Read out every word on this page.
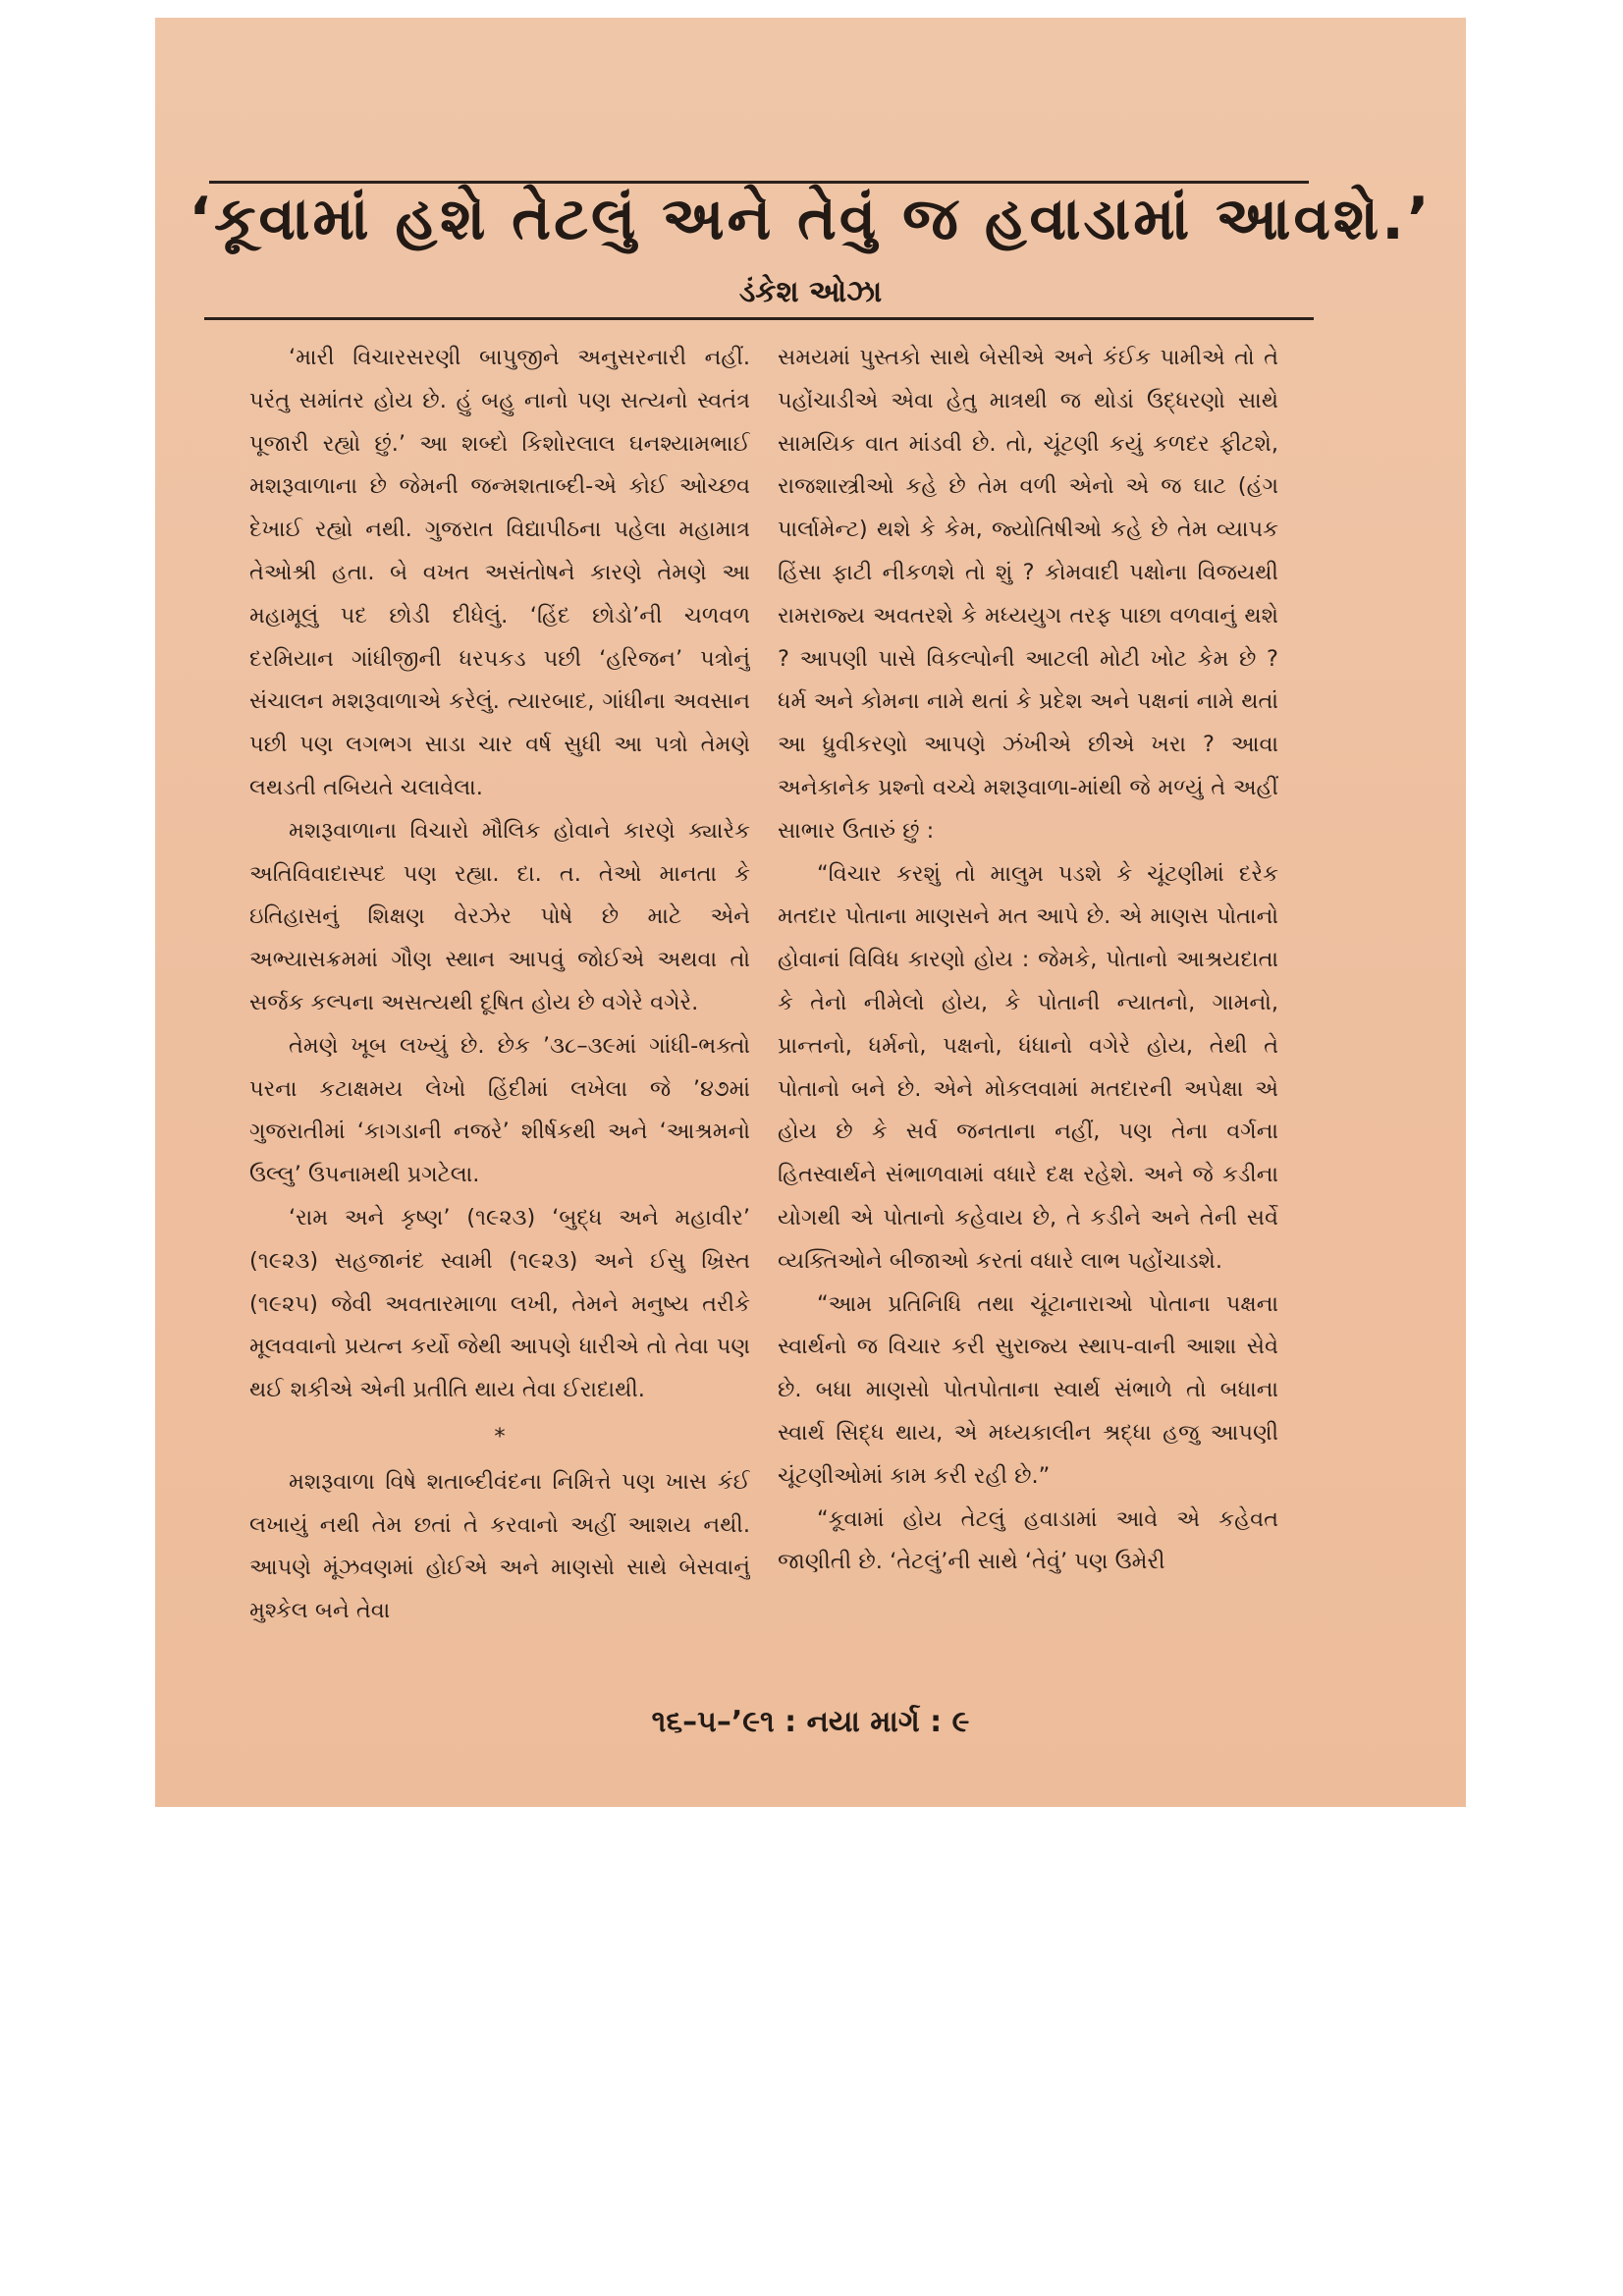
‘કૂવામાં હશે તેટલું અને તેવું જ હવાડામાં આવશે.’
ડંકેશ ઓઝા

‘મારી વિચારસરણી બાપુજીને અનુસરનારી નહીં. પરંતુ સમાંતર હોય છે. હું બહુ નાનો પણ સત્યનો સ્વતંત્ર પૂજારી રહ્યો છું.’ આ શબ્દો કિશોરલાલ ઘનશ્યામભાઈ મશરૂવાળાના છે જેમની જન્મશતાબ્દી-એ કોઈ ઓચ્છવ દેખાઈ રહ્યો નથી. ગુજરાત વિદ્યાપીઠના પહેલા મહામાત્ર તેઓશ્રી હતા. બે વખત અસંતોષને કારણે તેમણે આ મહામૂલું પદ છોડી દીધેલું. ‘હિંદ છોડો’ની ચળવળ દરમિયાન ગાંધીજીની ધરપકડ પછી ‘હરિજન’ પત્રોનું સંચાલન મશરૂવાળાએ કરેલું. ત્યારબાદ, ગાંધીના અવસાન પછી પણ લગભગ સાડા ચાર વર્ષ સુધી આ પત્રો તેમણે લથડતી તબિયતે ચલાવેલા.

મશરૂવાળાના વિચારો મૌલિક હોવાને કારણે ક્યારેક અતિવિવાદાસ્પદ પણ રહ્યા. દા. ત. તેઓ માનતા કે ઇતિહાસનું શિક્ષણ વેરઝેર પોષે છે માટે એને અભ્યાસક્રમમાં ગૌણ સ્થાન આપવું જોઈએ અથવા તો સર્જક કલ્પના અસત્યથી દૂષિત હોય છે વગેરે વગેરે.

તેમણે ખૂબ લખ્યું છે. છેક ’૩૮–૩૯માં ગાંધી-ભક્તો પરના કટાક્ષમય લેખો હિંદીમાં લખેલા જે ’૪૭માં ગુજરાતીમાં ‘કાગડાની નજરે’ શીર્ષકથી અને ‘આશ્રમનો ઉલ્લુ’ ઉપનામથી પ્રગટેલા.

‘રામ અને કૃષ્ણ’ (૧૯૨૩) ‘બુદ્ધ અને મહાવીર’ (૧૯૨૩) સહજાનંદ સ્વામી (૧૯૨૩) અને ઈસુ ખ્રિસ્ત (૧૯૨૫) જેવી અવતારમાળા લખી, તેમને મનુષ્ય તરીકે મૂલવવાનો પ્રયત્ન કર્યો જેથી આપણે ધારીએ તો તેવા પણ થઈ શકીએ એની પ્રતીતિ થાય તેવા ઈરાદાથી.

*

મશરૂવાળા વિષે શતાબ્દીવંદના નિમિત્તે પણ ખાસ કંઈ લખાયું નથી તેમ છતાં તે કરવાનો અહીં આશય નથી. આપણે મૂંઝવણમાં હોઈએ અને માણસો સાથે બેસવાનું મુશ્કેલ બને તેવા

સમયમાં પુસ્તકો સાથે બેસીએ અને કંઈક પામીએ તો તે પહોંચાડીએ એવા હેતુ માત્રથી જ થોડાં ઉદ્ધરણો સાથે સામયિક વાત માંડવી છે. તો, ચૂંટણી કયું કળદર ફીટશે, રાજશાસ્ત્રીઓ કહે છે તેમ વળી એનો એ જ ઘાટ (હંગ પાર્લામેન્ટ) થશે કે કેમ, જ્યોતિષીઓ કહે છે તેમ વ્યાપક હિંસા ફાટી નીકળશે તો શું ? કોમવાદી પક્ષોના વિજયથી રામરાજ્ય અવતરશે કે મધ્યયુગ તરફ પાછા વળવાનું થશે ? આપણી પાસે વિકલ્પોની આટલી મોટી ખોટ કેમ છે ? ધર્મ અને કોમના નામે થતાં કે પ્રદેશ અને પક્ષનાં નામે થતાં આ ધ્રુવીકરણો આપણે ઝંખીએ છીએ ખરા ? આવા અનેકાનેક પ્રશ્નો વચ્ચે મશરૂવાળા-માંથી જે મળ્યું તે અહીં સાભાર ઉતારું છું :

“વિચાર કરશું તો માલુમ પડશે કે ચૂંટણીમાં દરેક મતદાર પોતાના માણસને મત આપે છે. એ માણસ પોતાનો હોવાનાં વિવિધ કારણો હોય : જેમકે, પોતાનો આશ્રયદાતા કે તેનો નીમેલો હોય, કે પોતાની ન્યાતનો, ગામનો, પ્રાન્તનો, ધર્મનો, પક્ષનો, ધંધાનો વગેરે હોય, તેથી તે પોતાનો બને છે. એને મોકલવામાં મતદારની અપેક્ષા એ હોય છે કે સર્વ જનતાના નહીં, પણ તેના વર્ગના હિતસ્વાર્થને સંભાળવામાં વધારે દક્ષ રહેશે. અને જે કડીના યોગથી એ પોતાનો કહેવાય છે, તે કડીને અને તેની સર્વે વ્યક્તિઓને બીજાઓ કરતાં વધારે લાભ પહોંચાડશે.

“આમ પ્રતિનિધિ તથા ચૂંટાનારાઓ પોતાના પક્ષના સ્વાર્થનો જ વિચાર કરી સુરાજ્ય સ્થાપ-વાની આશા સેવે છે. બધા માણસો પોતપોતાના સ્વાર્થ સંભાળે તો બધાના સ્વાર્થ સિદ્ધ થાય, એ મધ્યકાલીન શ્રદ્ધા હજુ આપણી ચૂંટણીઓમાં કામ કરી રહી છે.”

“કૂવામાં હોય તેટલું હવાડામાં આવે એ કહેવત જાણીતી છે. ‘તેટલું’ની સાથે ‘તેવું’ પણ ઉમેરી

૧૬–૫–’૯૧ : નયા માર્ગ : ૯
